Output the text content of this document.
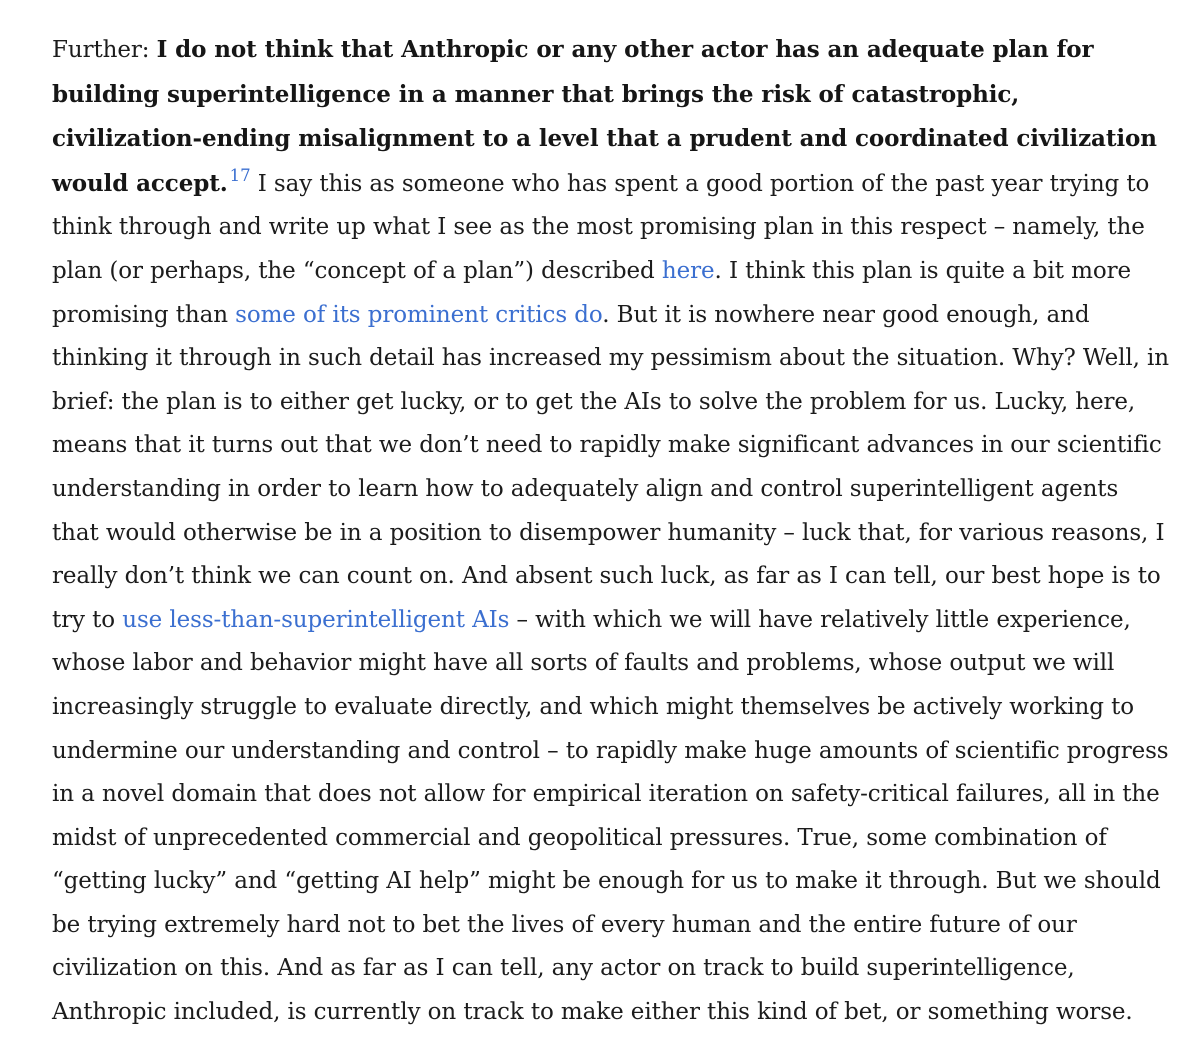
Further: I do not think that Anthropic or any other actor has an adequate plan for building superintelligence in a manner that brings the risk of catastrophic, civilization-ending misalignment to a level that a prudent and coordinated civilization would accept. $^{17}$ I say this as someone who has spent a good portion of the past year trying to think through and write up what I see as the most promising plan in this respect – namely, the plan (or perhaps, the “concept of a plan”) described here. I think this plan is quite a bit more promising than some of its prominent critics do. But it is nowhere near good enough, and thinking it through in such detail has increased my pessimism about the situation. Why? Well, in brief: the plan is to either get lucky, or to get the AIs to solve the problem for us. Lucky, here, means that it turns out that we don’t need to rapidly make significant advances in our scientific understanding in order to learn how to adequately align and control superintelligent agents that would otherwise be in a position to disempower humanity – luck that, for various reasons, I really don’t think we can count on. And absent such luck, as far as I can tell, our best hope is to try to use less-than-superintelligent AIs – with which we will have relatively little experience, whose labor and behavior might have all sorts of faults and problems, whose output we will increasingly struggle to evaluate directly, and which might themselves be actively working to undermine our understanding and control – to rapidly make huge amounts of scientific progress in a novel domain that does not allow for empirical iteration on safety-critical failures, all in the midst of unprecedented commercial and geopolitical pressures. True, some combination of “getting lucky” and “getting AI help” might be enough for us to make it through. But we should be trying extremely hard not to bet the lives of every human and the entire future of our civilization on this. And as far as I can tell, any actor on track to build superintelligence, Anthropic included, is currently on track to make either this kind of bet, or something worse.
